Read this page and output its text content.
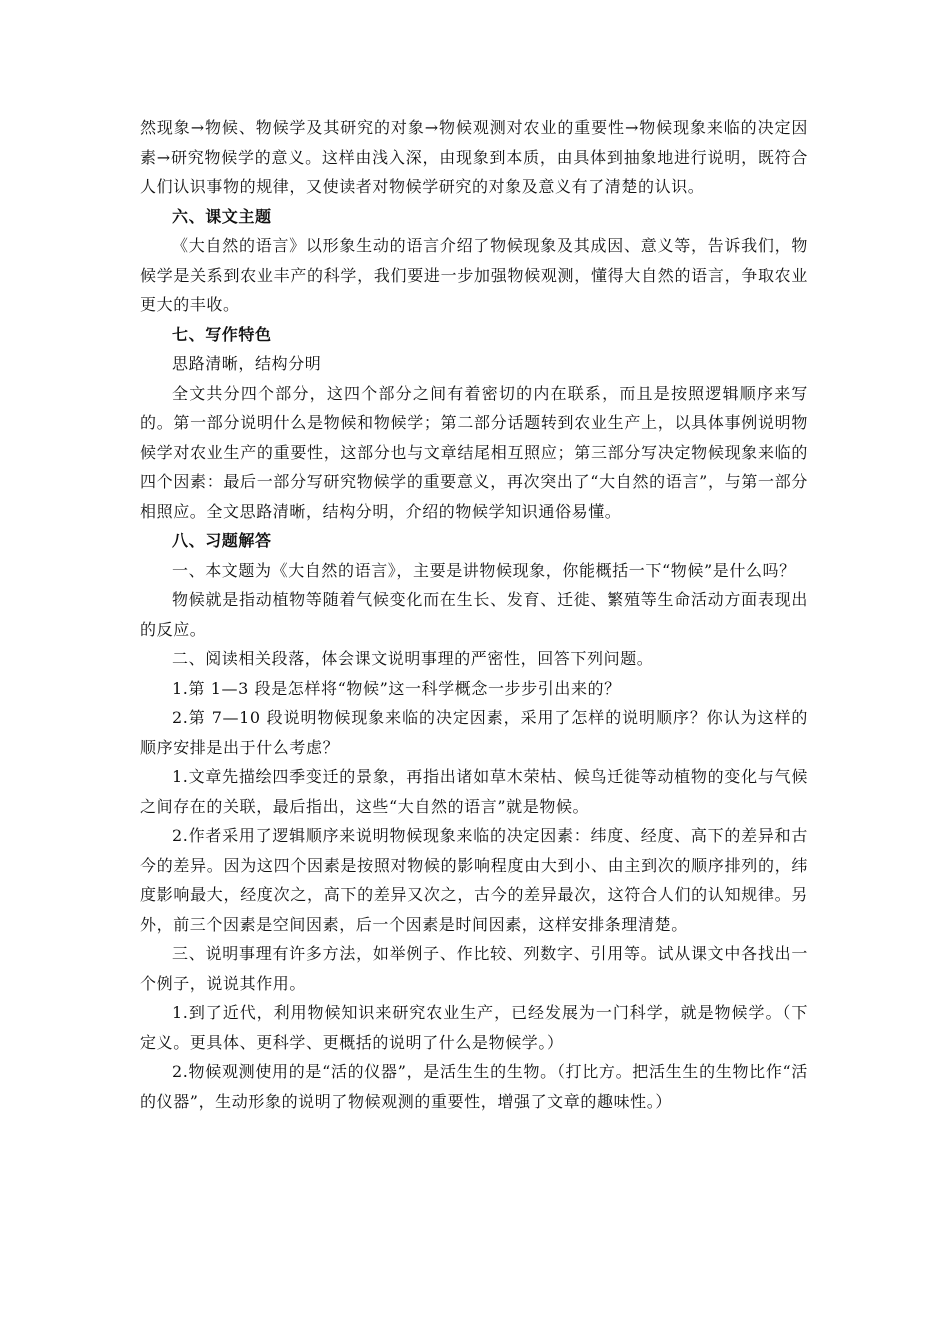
然现象→物候、物候学及其研究的对象→物候观测对农业的重要性→物候现象来临的决定因素→研究物候学的意义。这样由浅入深，由现象到本质，由具体到抽象地进行说明，既符合人们认识事物的规律，又使读者对物候学研究的对象及意义有了清楚的认识。

六、课文主题

《大自然的语言》以形象生动的语言介绍了物候现象及其成因、意义等，告诉我们，物候学是关系到农业丰产的科学，我们要进一步加强物候观测，懂得大自然的语言，争取农业更大的丰收。

七、写作特色

思路清晰，结构分明

全文共分四个部分，这四个部分之间有着密切的内在联系，而且是按照逻辑顺序来写的。第一部分说明什么是物候和物候学；第二部分话题转到农业生产上，以具体事例说明物候学对农业生产的重要性，这部分也与文章结尾相互照应；第三部分写决定物候现象来临的四个因素：最后一部分写研究物候学的重要意义，再次突出了“大自然的语言”，与第一部分相照应。全文思路清晰，结构分明，介绍的物候学知识通俗易懂。

八、习题解答

一、本文题为《大自然的语言》，主要是讲物候现象，你能概括一下“物候”是什么吗？

物候就是指动植物等随着气候变化而在生长、发育、迁徙、繁殖等生命活动方面表现出的反应。

二、阅读相关段落，体会课文说明事理的严密性，回答下列问题。

1.第 1—3 段是怎样将“物候”这一科学概念一步步引出来的？

2.第 7—10 段说明物候现象来临的决定因素，采用了怎样的说明顺序？你认为这样的顺序安排是出于什么考虑？

1.文章先描绘四季变迁的景象，再指出诸如草木荣枯、候鸟迁徙等动植物的变化与气候之间存在的关联，最后指出，这些“大自然的语言”就是物候。

2.作者采用了逻辑顺序来说明物候现象来临的决定因素：纬度、经度、高下的差异和古今的差异。因为这四个因素是按照对物候的影响程度由大到小、由主到次的顺序排列的，纬度影响最大，经度次之，高下的差异又次之，古今的差异最次，这符合人们的认知规律。另外，前三个因素是空间因素，后一个因素是时间因素，这样安排条理清楚。

三、说明事理有许多方法，如举例子、作比较、列数字、引用等。试从课文中各找出一个例子，说说其作用。

1.到了近代，利用物候知识来研究农业生产，已经发展为一门科学，就是物候学。（下定义。更具体、更科学、更概括的说明了什么是物候学。）

2.物候观测使用的是“活的仪器”，是活生生的生物。（打比方。把活生生的生物比作“活的仪器”，生动形象的说明了物候观测的重要性，增强了文章的趣味性。）
